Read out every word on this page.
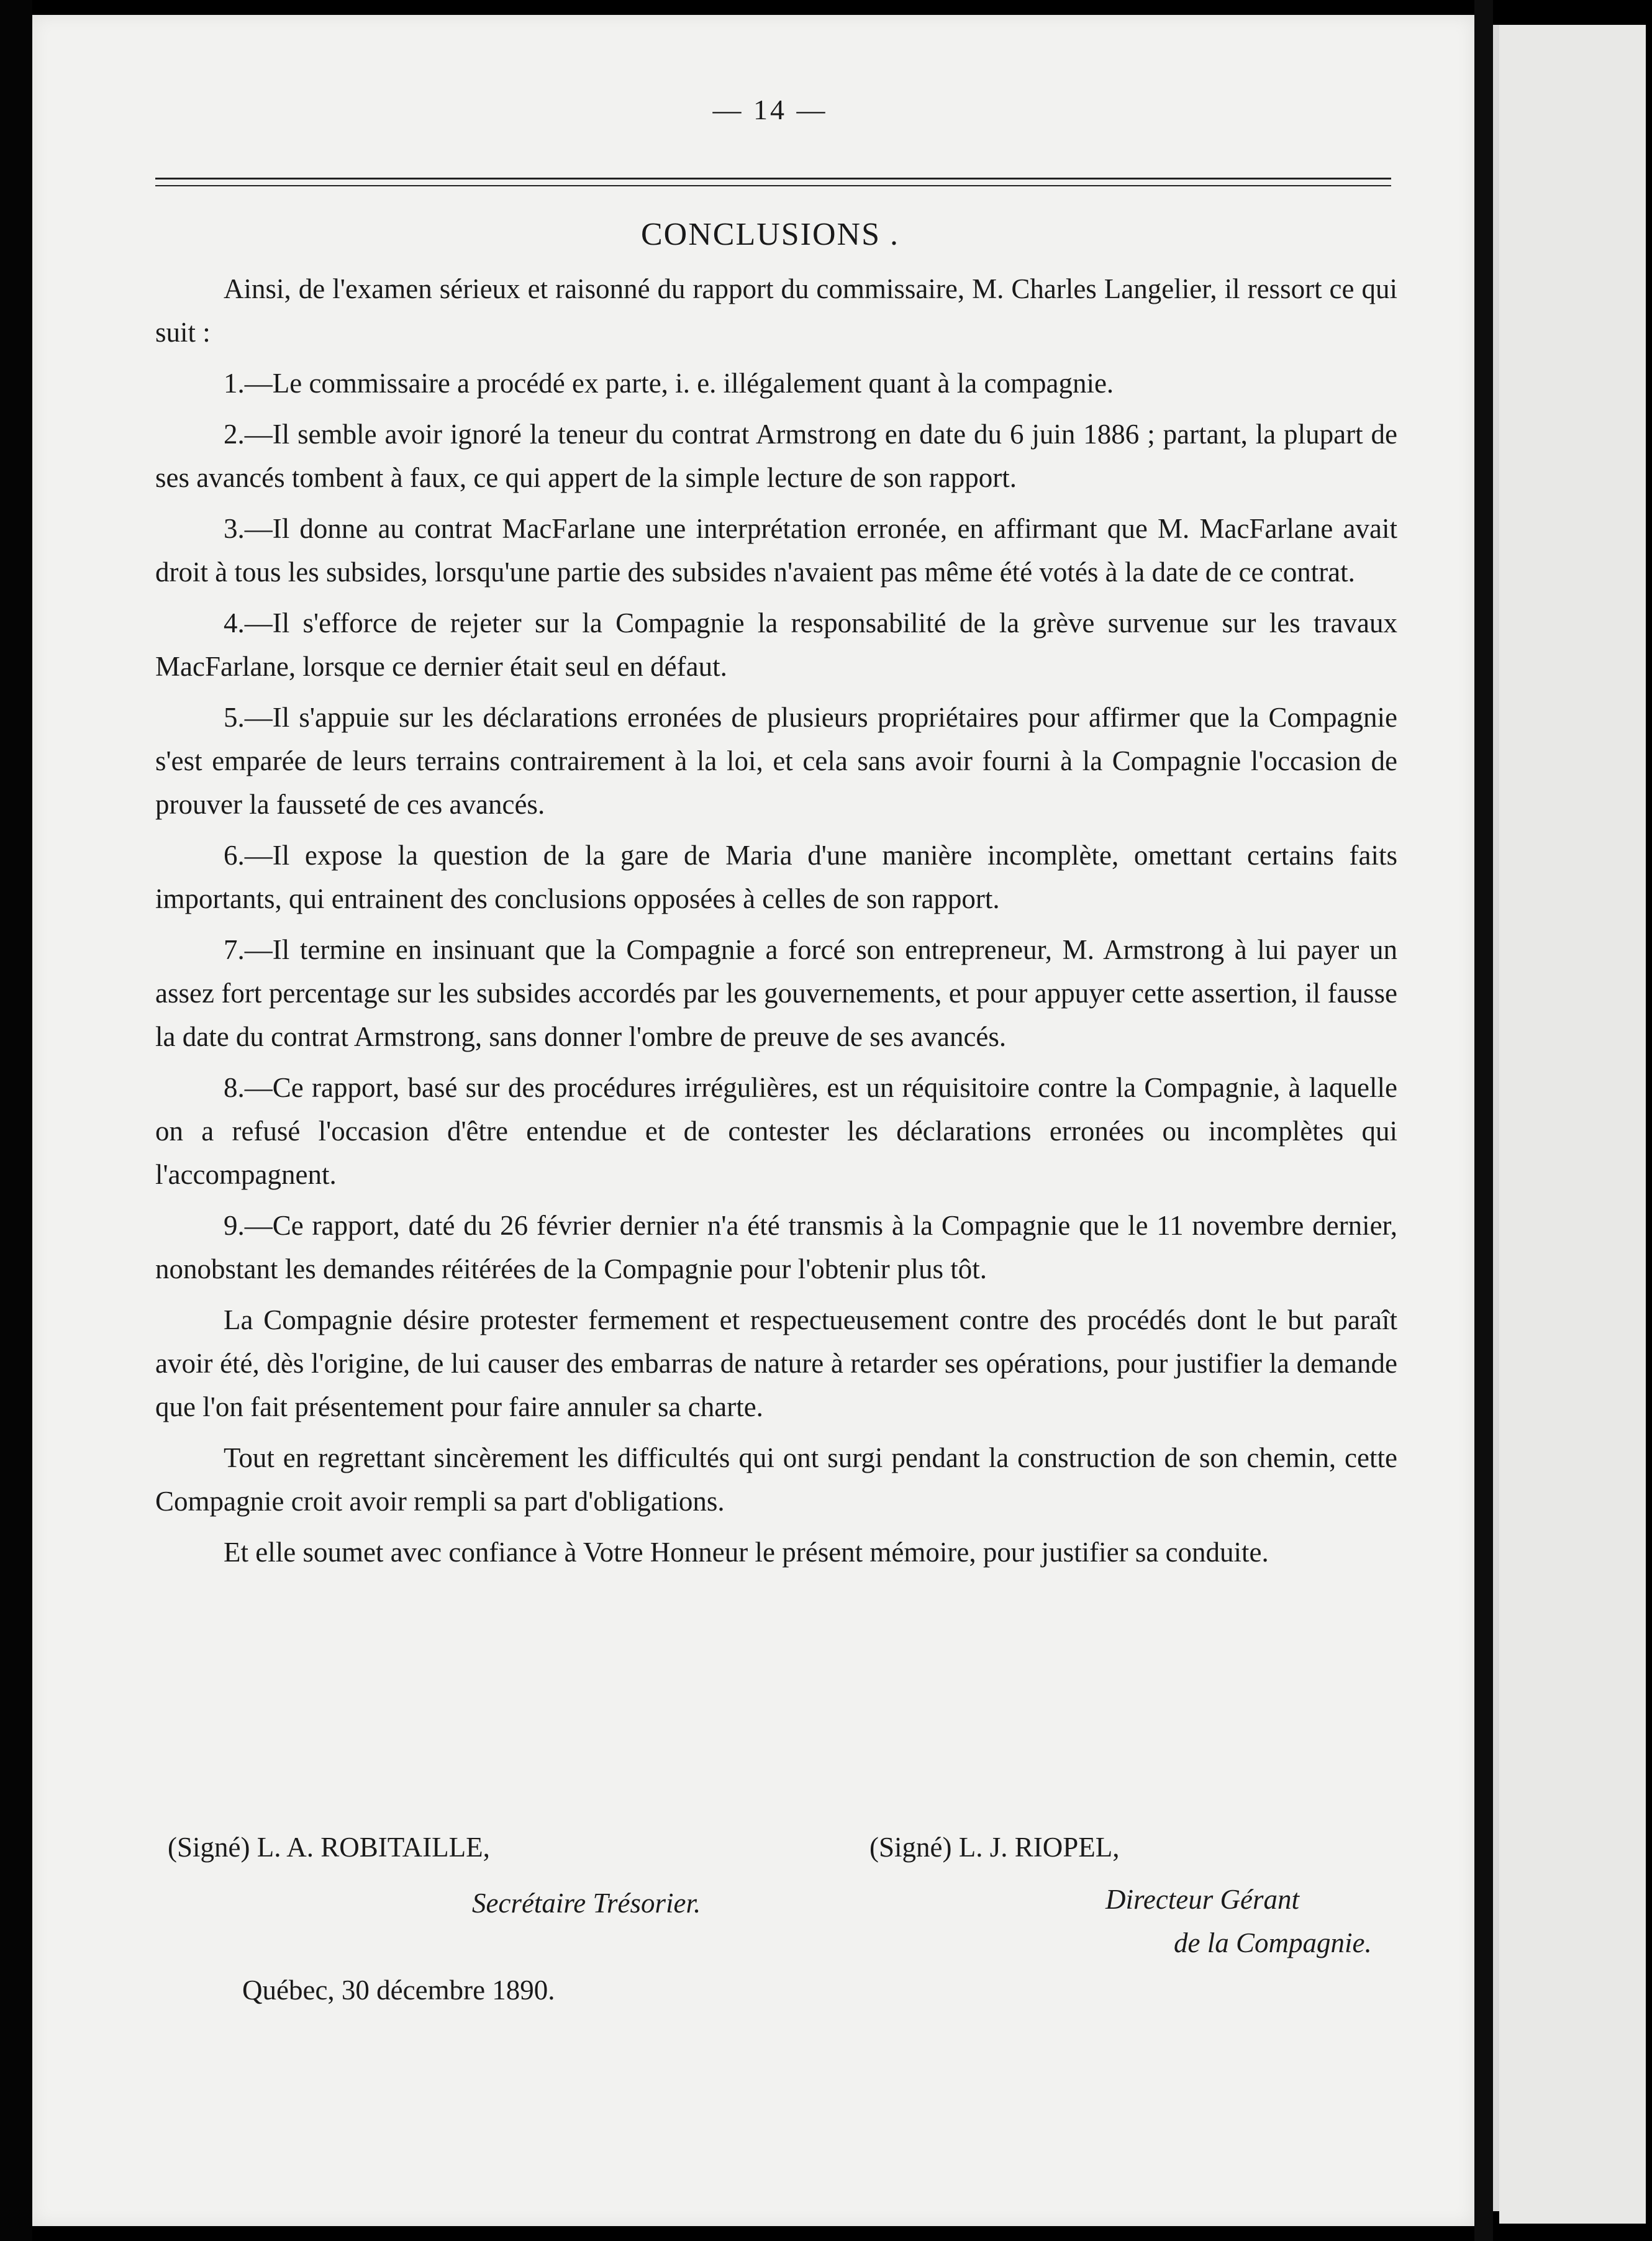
— 14 —
CONCLUSIONS .

Ainsi, de l'examen sérieux et raisonné du rapport du commissaire, M. Charles Langelier, il ressort ce qui suit :

1.—Le commissaire a procédé ex parte, i. e. illégalement quant à la compagnie.

2.—Il semble avoir ignoré la teneur du contrat Armstrong en date du 6 juin 1886 ; partant, la plupart de ses avancés tombent à faux, ce qui appert de la simple lecture de son rapport.

3.—Il donne au contrat MacFarlane une interprétation erronée, en affirmant que M. MacFarlane avait droit à tous les subsides, lorsqu'une partie des subsides n'avaient pas même été votés à la date de ce contrat.

4.—Il s'efforce de rejeter sur la Compagnie la responsabilité de la grève survenue sur les travaux MacFarlane, lorsque ce dernier était seul en défaut.

5.—Il s'appuie sur les déclarations erronées de plusieurs propriétaires pour affirmer que la Compagnie s'est emparée de leurs terrains contrairement à la loi, et cela sans avoir fourni à la Compagnie l'occasion de prouver la fausseté de ces avancés.

6.—Il expose la question de la gare de Maria d'une manière incomplète, omettant certains faits importants, qui entrainent des conclusions opposées à celles de son rapport.

7.—Il termine en insinuant que la Compagnie a forcé son entrepreneur, M. Armstrong à lui payer un assez fort percentage sur les subsides accordés par les gouvernements, et pour appuyer cette assertion, il fausse la date du contrat Armstrong, sans donner l'ombre de preuve de ses avancés.

8.—Ce rapport, basé sur des procédures irrégulières, est un réquisitoire contre la Compagnie, à laquelle on a refusé l'occasion d'être entendue et de contester les déclarations erronées ou incomplètes qui l'accompagnent.

9.—Ce rapport, daté du 26 février dernier n'a été transmis à la Compagnie que le 11 novembre dernier, nonobstant les demandes réitérées de la Compagnie pour l'obtenir plus tôt.

La Compagnie désire protester fermement et respectueusement contre des procédés dont le but paraît avoir été, dès l'origine, de lui causer des embarras de nature à retarder ses opérations, pour justifier la demande que l'on fait présentement pour faire annuler sa charte.

Tout en regrettant sincèrement les difficultés qui ont surgi pendant la construction de son chemin, cette Compagnie croit avoir rempli sa part d'obligations.

Et elle soumet avec confiance à Votre Honneur le présent mémoire, pour justifier sa conduite.

(Signé) L. A. ROBITAILLE,
Secrétaire Trésorier.
(Signé) L. J. RIOPEL,
Directeur Gérant
de la Compagnie.
Québec, 30 décembre 1890.
